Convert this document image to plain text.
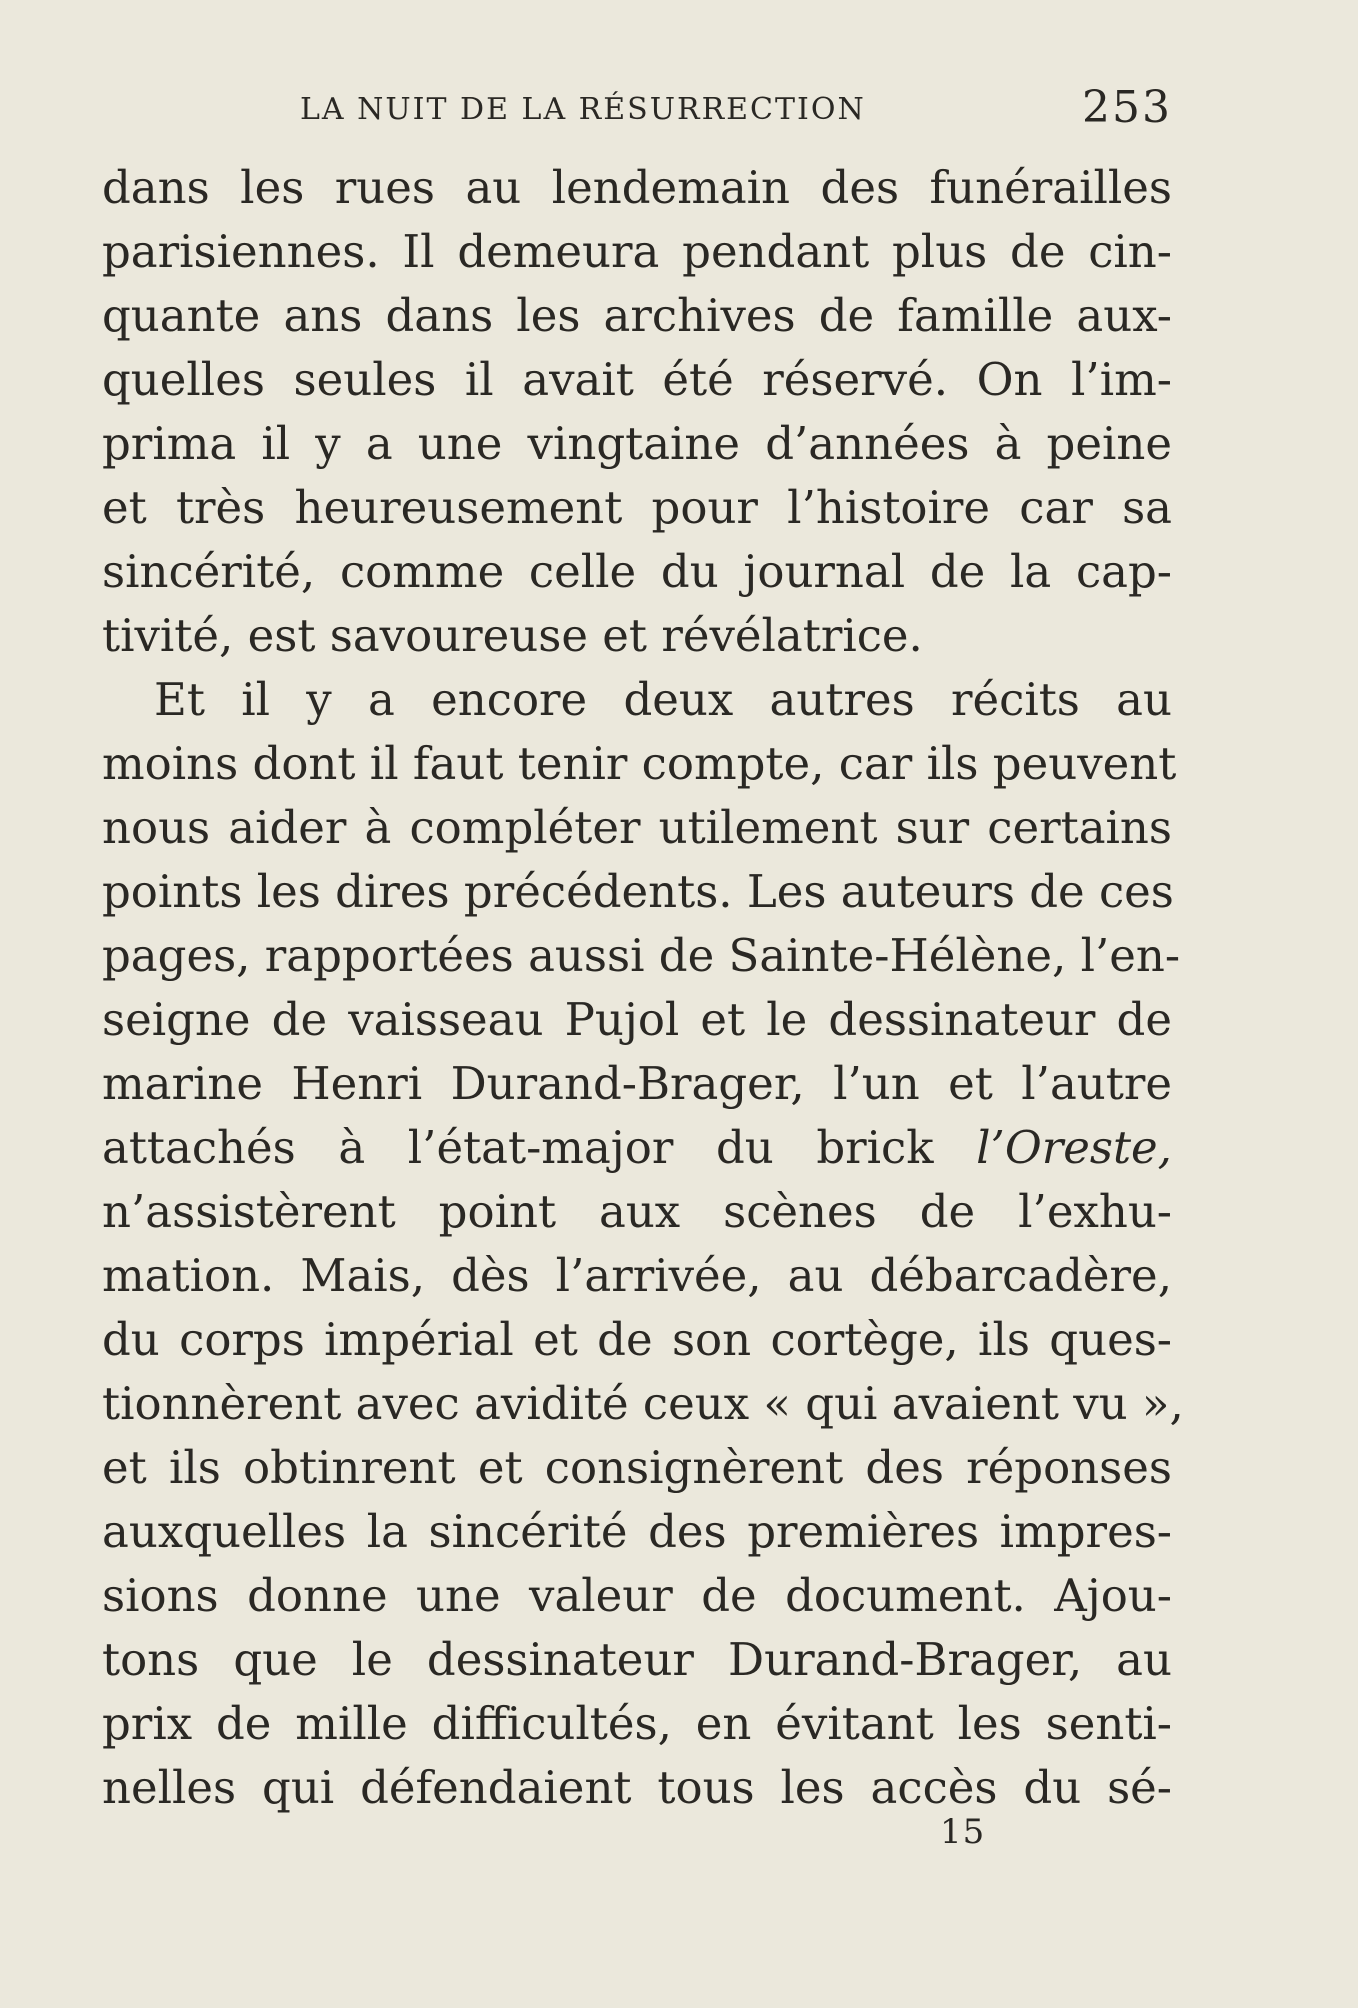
LA NUIT DE LA RÉSURRECTION	253
dans les rues au lendemain des funérailles
parisiennes. Il demeura pendant plus de cin-
quante ans dans les archives de famille aux-
quelles seules il avait été réservé. On l’im-
prima il y a une vingtaine d’années à peine
et très heureusement pour l’histoire car sa
sincérité, comme celle du journal de la cap-
tivité, est savoureuse et révélatrice.
Et il y a encore deux autres récits au
moins dont il faut tenir compte, car ils peuvent
nous aider à compléter utilement sur certains
points les dires précédents. Les auteurs de ces
pages, rapportées aussi de Sainte-Hélène, l’en-
seigne de vaisseau Pujol et le dessinateur de
marine Henri Durand-Brager, l’un et l’autre
attachés à l’état-major du brick l’Oreste,
n’assistèrent point aux scènes de l’exhu-
mation. Mais, dès l’arrivée, au débarcadère,
du corps impérial et de son cortège, ils ques-
tionnèrent avec avidité ceux « qui avaient vu »,
et ils obtinrent et consignèrent des réponses
auxquelles la sincérité des premières impres-
sions donne une valeur de document. Ajou-
tons que le dessinateur Durand-Brager, au
prix de mille difficultés, en évitant les senti-
nelles qui défendaient tous les accès du sé-
15
